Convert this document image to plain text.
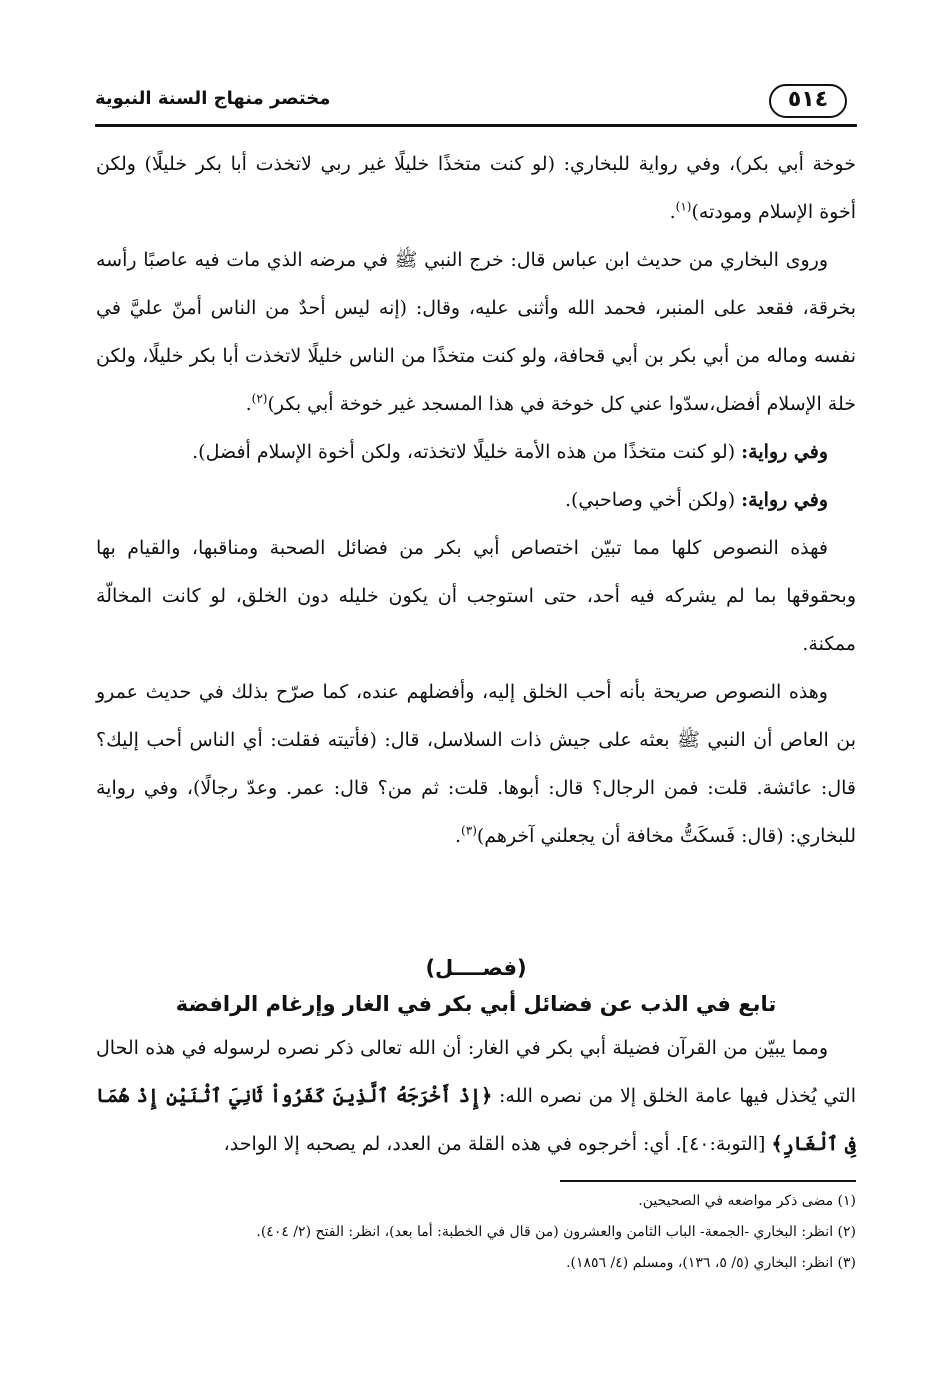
٥١٤
مختصر منهاج السنة النبوية

خوخة أبي بكر)، وفي رواية للبخاري: (لو كنت متخذًا خليلًا غير ربي لاتخذت أبا بكر خليلًا) ولكن أخوة الإسلام ومودته)$^{(١)}$.

وروى البخاري من حديث ابن عباس قال: خرج النبي ﷺ في مرضه الذي مات فيه عاصبًا رأسه بخرقة، فقعد على المنبر، فحمد الله وأثنى عليه، وقال: (إنه ليس أحدٌ من الناس أمنّ عليَّ في نفسه وماله من أبي بكر بن أبي قحافة، ولو كنت متخذًا من الناس خليلًا لاتخذت أبا بكر خليلًا، ولكن خلة الإسلام أفضل،سدّوا عني كل خوخة في هذا المسجد غير خوخة أبي بكر)$^{(٢)}$.

وفي رواية: (لو كنت متخذًا من هذه الأمة خليلًا لاتخذته، ولكن أخوة الإسلام أفضل).

وفي رواية: (ولكن أخي وصاحبي).

فهذه النصوص كلها مما تبيّن اختصاص أبي بكر من فضائل الصحبة ومناقبها، والقيام بها وبحقوقها بما لم يشركه فيه أحد، حتى استوجب أن يكون خليله دون الخلق، لو كانت المخالّة ممكنة.

وهذه النصوص صريحة بأنه أحب الخلق إليه، وأفضلهم عنده، كما صرّح بذلك في حديث عمرو بن العاص أن النبي ﷺ بعثه على جيش ذات السلاسل، قال: (فأتيته فقلت: أي الناس أحب إليك؟ قال: عائشة. قلت: فمن الرجال؟ قال: أبوها. قلت: ثم من؟ قال: عمر. وعدّ رجالًا)، وفي رواية للبخاري: (قال: فَسكَتُّ مخافة أن يجعلني آخرهم)$^{(٣)}$.

(فصــــل)
تابع في الذب عن فضائل أبي بكر في الغار وإرغام الرافضة

ومما يبيّن من القرآن فضيلة أبي بكر في الغار: أن الله تعالى ذكر نصره لرسوله في هذه الحال التي يُخذل فيها عامة الخلق إلا من نصره الله: ﴿إِذْ أَخْرَجَهُ ٱلَّذِينَ كَفَرُواْ ثَانِيَ ٱثْنَيْنِ إِذْ هُمَا فِى ٱلْغَارِ﴾ [التوبة:٤٠]. أي: أخرجوه في هذه القلة من العدد، لم يصحبه إلا الواحد،

(١) مضى ذكر مواضعه في الصحيحين.
(٢) انظر: البخاري -الجمعة- الباب الثامن والعشرون (من قال في الخطبة: أما بعد)، انظر: الفتح (٢/ ٤٠٤).
(٣) انظر: البخاري (٥/ ٥، ١٣٦)، ومسلم (٤/ ١٨٥٦).
